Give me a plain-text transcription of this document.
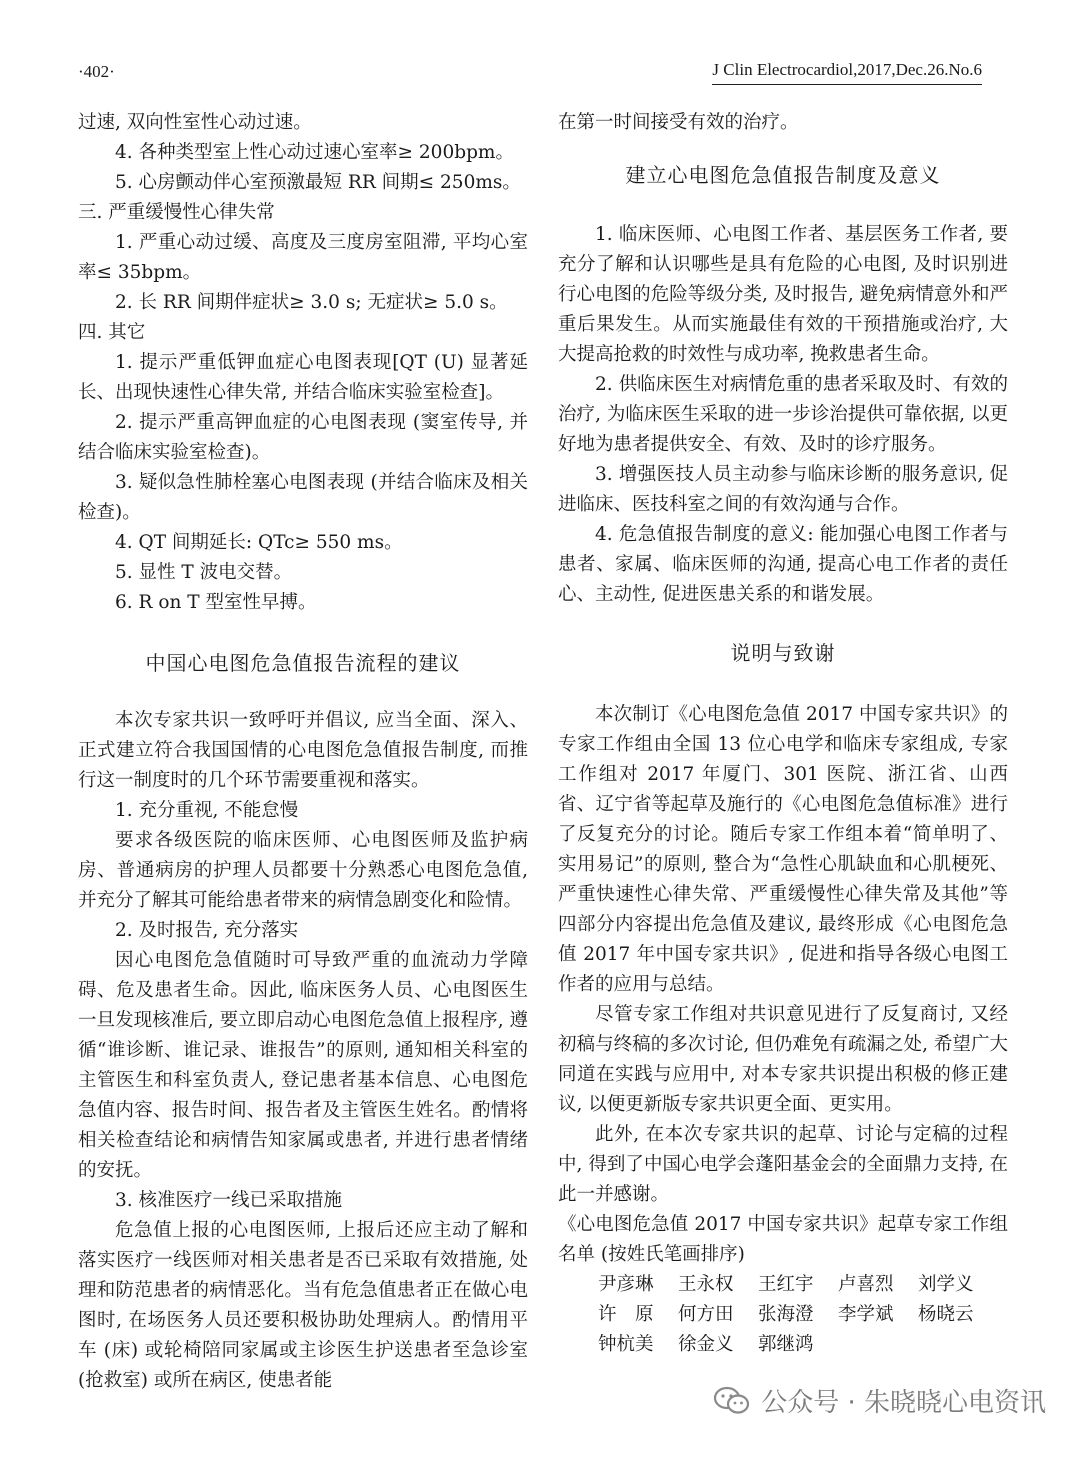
·402·	J Clin Electrocardiol,2017,Dec.26.No.6

过速, 双向性室性心动过速。

4. 各种类型室上性心动过速心室率≥ 200bpm。

5. 心房颤动伴心室预激最短 RR 间期≤ 250ms。

三. 严重缓慢性心律失常

1. 严重心动过缓、高度及三度房室阻滞, 平均心室率≤ 35bpm。

2. 长 RR 间期伴症状≥ 3.0 s; 无症状≥ 5.0 s。

四. 其它

1. 提示严重低钾血症心电图表现[QT (U) 显著延长、出现快速性心律失常, 并结合临床实验室检查]。

2. 提示严重高钾血症的心电图表现 (窦室传导, 并结合临床实验室检查)。

3. 疑似急性肺栓塞心电图表现 (并结合临床及相关检查)。

4. QT 间期延长: QTc≥ 550 ms。

5. 显性 T 波电交替。

6. R on T 型室性早搏。

中国心电图危急值报告流程的建议

本次专家共识一致呼吁并倡议, 应当全面、深入、正式建立符合我国国情的心电图危急值报告制度, 而推行这一制度时的几个环节需要重视和落实。

1. 充分重视, 不能怠慢

要求各级医院的临床医师、心电图医师及监护病房、普通病房的护理人员都要十分熟悉心电图危急值, 并充分了解其可能给患者带来的病情急剧变化和险情。

2. 及时报告, 充分落实

因心电图危急值随时可导致严重的血流动力学障碍、危及患者生命。因此, 临床医务人员、心电图医生一旦发现核准后, 要立即启动心电图危急值上报程序, 遵循“谁诊断、谁记录、谁报告”的原则, 通知相关科室的主管医生和科室负责人, 登记患者基本信息、心电图危急值内容、报告时间、报告者及主管医生姓名。酌情将相关检查结论和病情告知家属或患者, 并进行患者情绪的安抚。

3. 核准医疗一线已采取措施

危急值上报的心电图医师, 上报后还应主动了解和落实医疗一线医师对相关患者是否已采取有效措施, 处理和防范患者的病情恶化。当有危急值患者正在做心电图时, 在场医务人员还要积极协助处理病人。酌情用平车 (床) 或轮椅陪同家属或主诊医生护送患者至急诊室 (抢救室) 或所在病区, 使患者能

在第一时间接受有效的治疗。

建立心电图危急值报告制度及意义

1. 临床医师、心电图工作者、基层医务工作者, 要充分了解和认识哪些是具有危险的心电图, 及时识别进行心电图的危险等级分类, 及时报告, 避免病情意外和严重后果发生。从而实施最佳有效的干预措施或治疗, 大大提高抢救的时效性与成功率, 挽救患者生命。

2. 供临床医生对病情危重的患者采取及时、有效的治疗, 为临床医生采取的进一步诊治提供可靠依据, 以更好地为患者提供安全、有效、及时的诊疗服务。

3. 增强医技人员主动参与临床诊断的服务意识, 促进临床、医技科室之间的有效沟通与合作。

4. 危急值报告制度的意义: 能加强心电图工作者与患者、家属、临床医师的沟通, 提高心电工作者的责任心、主动性, 促进医患关系的和谐发展。

说明与致谢

本次制订《心电图危急值 2017 中国专家共识》的专家工作组由全国 13 位心电学和临床专家组成, 专家工作组对 2017 年厦门、301 医院、浙江省、山西省、辽宁省等起草及施行的《心电图危急值标准》进行了反复充分的讨论。随后专家工作组本着“简单明了、实用易记”的原则, 整合为“急性心肌缺血和心肌梗死、严重快速性心律失常、严重缓慢性心律失常及其他”等四部分内容提出危急值及建议, 最终形成《心电图危急值 2017 年中国专家共识》, 促进和指导各级心电图工作者的应用与总结。

尽管专家工作组对共识意见进行了反复商讨, 又经初稿与终稿的多次讨论, 但仍难免有疏漏之处, 希望广大同道在实践与应用中, 对本专家共识提出积极的修正建议, 以便更新版专家共识更全面、更实用。

此外, 在本次专家共识的起草、讨论与定稿的过程中, 得到了中国心电学会蓬阳基金会的全面鼎力支持, 在此一并感谢。

《心电图危急值 2017 中国专家共识》起草专家工作组名单 (按姓氏笔画排序)

尹彦琳	王永权	王红宇	卢喜烈	刘学义
许　原	何方田	张海澄	李学斌	杨晓云
钟杭美	徐金义	郭继鸿
公众号 · 朱晓晓心电资讯
